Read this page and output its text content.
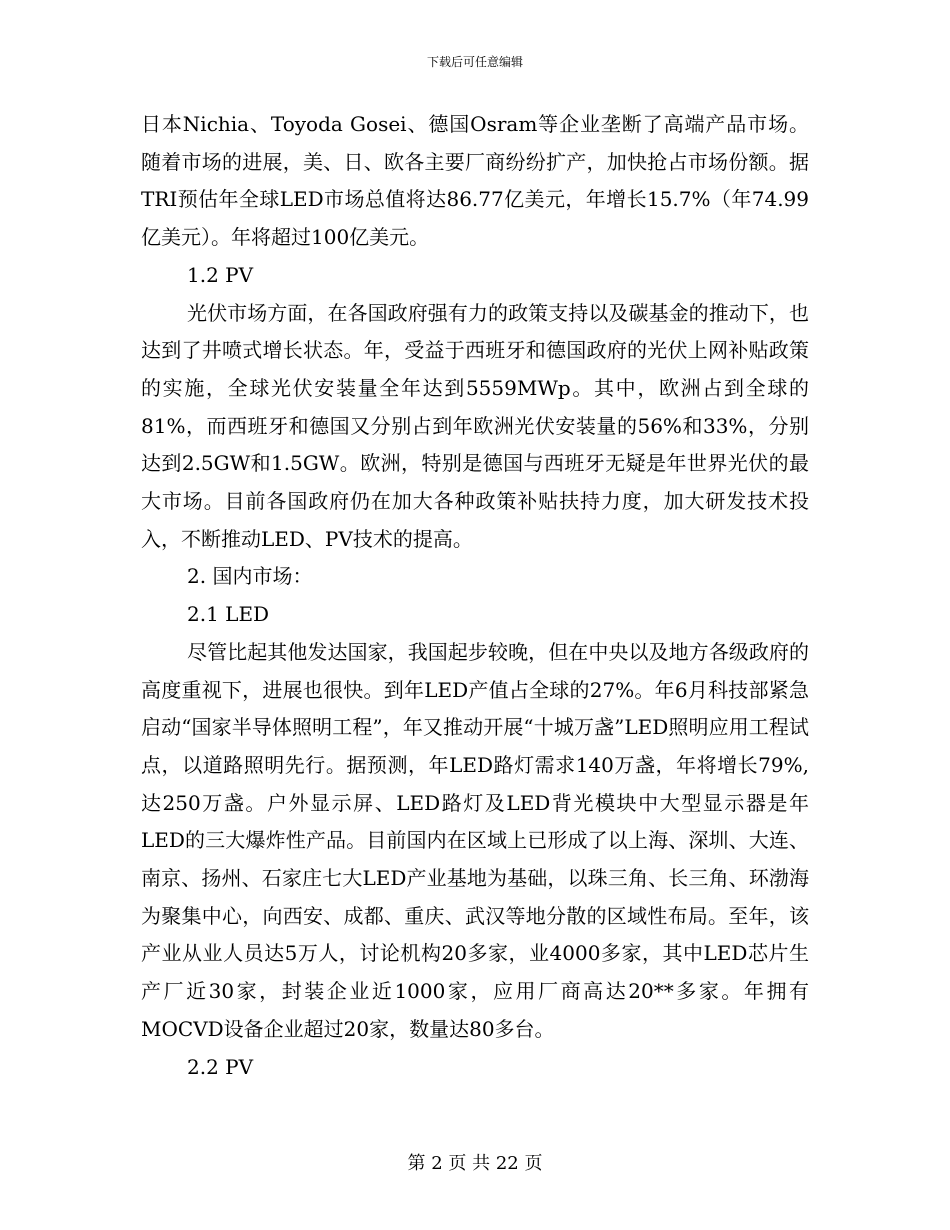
下载后可任意编辑

日本Nichia、Toyoda Gosei、德国Osram等企业垄断了高端产品市场。随着市场的进展，美、日、欧各主要厂商纷纷扩产，加快抢占市场份额。据TRI预估年全球LED市场总值将达86.77亿美元，年增长15.7%（年74.99亿美元）。年将超过100亿美元。

1.2 PV

光伏市场方面，在各国政府强有力的政策支持以及碳基金的推动下，也达到了井喷式增长状态。年，受益于西班牙和德国政府的光伏上网补贴政策的实施，全球光伏安装量全年达到5559MWp。其中，欧洲占到全球的81%，而西班牙和德国又分别占到年欧洲光伏安装量的56%和33%，分别达到2.5GW和1.5GW。欧洲，特别是德国与西班牙无疑是年世界光伏的最大市场。目前各国政府仍在加大各种政策补贴扶持力度，加大研发技术投入，不断推动LED、PV技术的提高。

2. 国内市场：

2.1 LED

尽管比起其他发达国家，我国起步较晚，但在中央以及地方各级政府的高度重视下，进展也很快。到年LED产值占全球的27%。年6月科技部紧急启动“国家半导体照明工程”，年又推动开展“十城万盏”LED照明应用工程试点，以道路照明先行。据预测，年LED路灯需求140万盏，年将增长79%,达250万盏。户外显示屏、LED路灯及LED背光模块中大型显示器是年LED的三大爆炸性产品。目前国内在区域上已形成了以上海、深圳、大连、南京、扬州、石家庄七大LED产业基地为基础，以珠三角、长三角、环渤海为聚集中心，向西安、成都、重庆、武汉等地分散的区域性布局。至年，该产业从业人员达5万人，讨论机构20多家，业4000多家，其中LED芯片生产厂近30家，封装企业近1000家，应用厂商高达20**多家。年拥有MOCVD设备企业超过20家，数量达80多台。

2.2 PV

第 2 页 共 22 页
